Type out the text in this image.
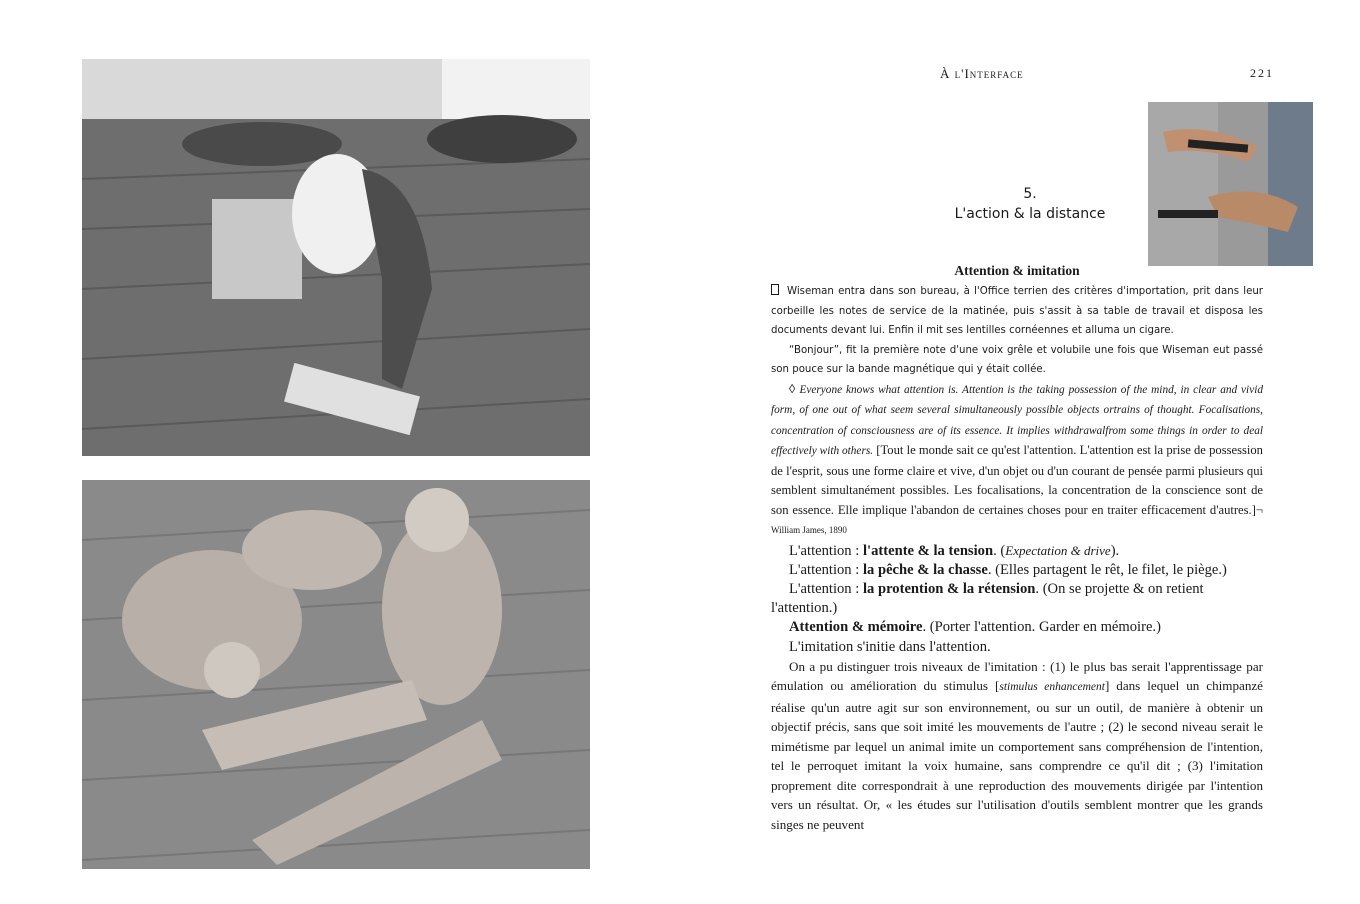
À l'Interface	221
5.
L'action & la distance
Attention & imitation

Wiseman entra dans son bureau, à l'Office terrien des critères d'importation, prit dans leur corbeille les notes de service de la matinée, puis s'assit à sa table de travail et disposa les documents devant lui. Enfin il mit ses lentilles cornéennes et alluma un cigare.

“Bonjour”, fit la première note d'une voix grêle et volubile une fois que Wiseman eut passé son pouce sur la bande magnétique qui y était collée.

◊ Everyone knows what attention is. Attention is the taking possession of the mind, in clear and vivid form, of one out of what seem several simultaneously possible objects ortrains of thought. Focalisations, concentration of consciousness are of its essence. It implies withdrawalfrom some things in order to deal effectively with others. [Tout le monde sait ce qu'est l'attention. L'attention est la prise de possession de l'esprit, sous une forme claire et vive, d'un objet ou d'un courant de pensée parmi plusieurs qui semblent simultanément possibles. Les focalisations, la concentration de la conscience sont de son essence. Elle implique l'abandon de certaines choses pour en traiter efficacement d'autres.]¬ William James, 1890

L'attention : l'attente & la tension. (Expectation & drive).

L'attention : la pêche & la chasse. (Elles partagent le rêt, le filet, le piège.)

L'attention : la protention & la rétension. (On se projette & on retient l'attention.)

Attention & mémoire. (Porter l'attention. Garder en mémoire.)

L'imitation s'initie dans l'attention.

On a pu distinguer trois niveaux de l'imitation : (1) le plus bas serait l'apprentissage par émulation ou amélioration du stimulus [stimulus enhancement] dans lequel un chimpanzé réalise qu'un autre agit sur son environnement, ou sur un outil, de manière à obtenir un objectif précis, sans que soit imité les mouvements de l'autre ; (2) le second niveau serait le mimétisme par lequel un animal imite un comportement sans compréhension de l'intention, tel le perroquet imitant la voix humaine, sans comprendre ce qu'il dit ; (3) l'imitation proprement dite correspondrait à une reproduction des mouvements dirigée par l'intention vers un résultat. Or, « les études sur l'utilisation d'outils semblent montrer que les grands singes ne peuvent
